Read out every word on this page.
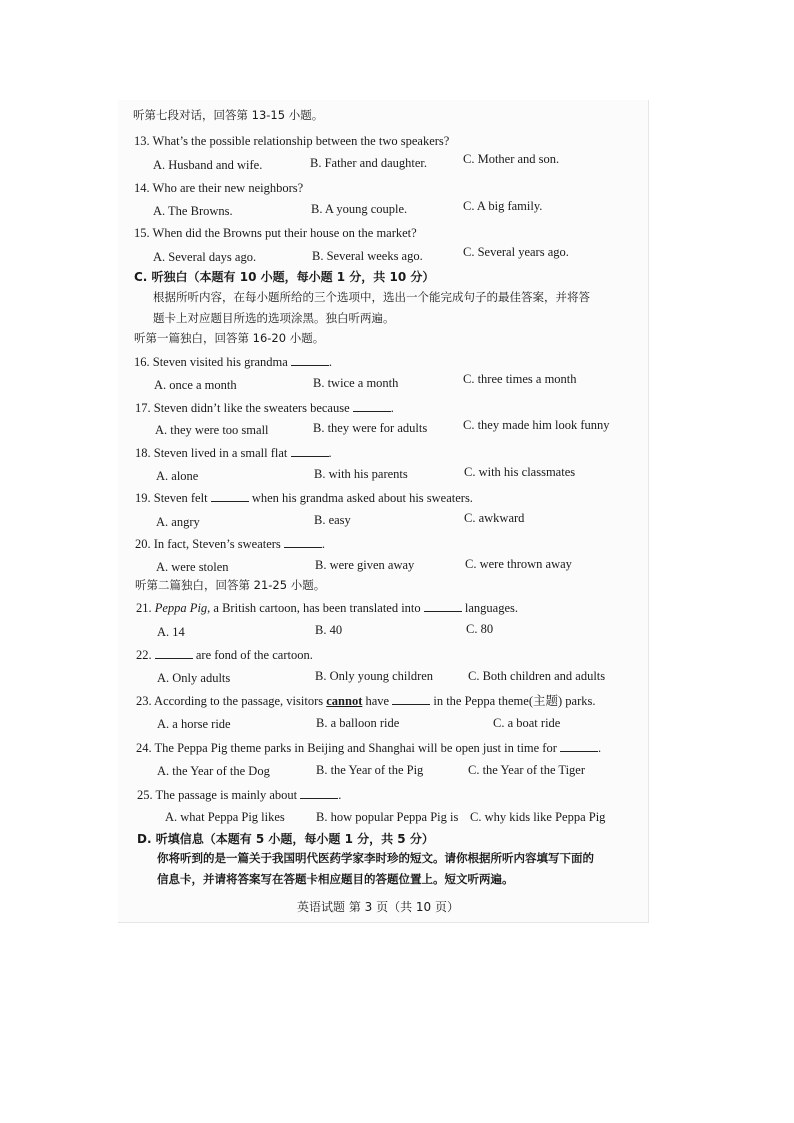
听第七段对话，回答第 13-15 小题。
13. What’s the possible relationship between the two speakers?
A. Husband and wife.	B. Father and daughter.	C. Mother and son.
14. Who are their new neighbors?
A. The Browns.	B. A young couple.	C. A big family.
15. When did the Browns put their house on the market?
A. Several days ago.	B. Several weeks ago.	C. Several years ago.
C. 听独白（本题有 10 小题，每小题 1 分，共 10 分）
根据所听内容，在每小题所给的三个选项中，选出一个能完成句子的最佳答案，并将答
题卡上对应题目所选的选项涂黑。独白听两遍。
听第一篇独白，回答第 16-20 小题。
16. Steven visited his grandma	.
A. once a month	B. twice a month	C. three times a month
17. Steven didn’t like the sweaters because	.
A. they were too small	B. they were for adults	C. they made him look funny
18. Steven lived in a small flat	.
A. alone	B. with his parents	C. with his classmates
19. Steven felt	when his grandma asked about his sweaters.
A. angry	B. easy	C. awkward
20. In fact, Steven’s sweaters	.
A. were stolen	B. were given away	C. were thrown away
听第二篇独白，回答第 21-25 小题。
21. Peppa Pig, a British cartoon, has been translated into	languages.
A. 14	B. 40	C. 80
22.	are fond of the cartoon.
A. Only adults	B. Only young children	C. Both children and adults
23. According to the passage, visitors cannot have	in the Peppa theme(主题) parks.
A. a horse ride	B. a balloon ride	C. a boat ride
24. The Peppa Pig theme parks in Beijing and Shanghai will be open just in time for	.
A. the Year of the Dog	B. the Year of the Pig	C. the Year of the Tiger
25. The passage is mainly about	.
A. what Peppa Pig likes B. how popular Peppa Pig is C. why kids like Peppa Pig
D. 听填信息（本题有 5 小题，每小题 1 分，共 5 分）
你将听到的是一篇关于我国明代医药学家李时珍的短文。请你根据所听内容填写下面的
信息卡，并请将答案写在答题卡相应题目的答题位置上。短文听两遍。
英语试题 第 3 页（共 10 页）
